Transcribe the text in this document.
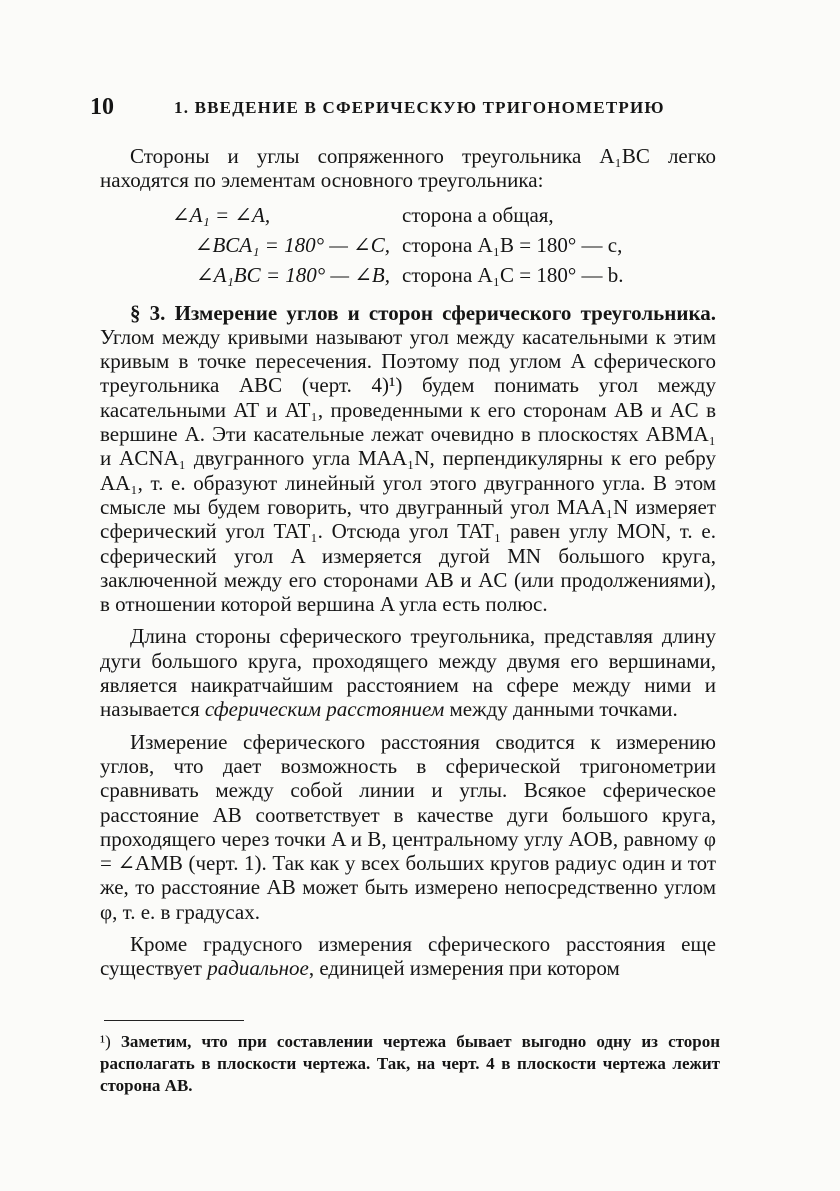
10	1. ВВЕДЕНИЕ В СФЕРИЧЕСКУЮ ТРИГОНОМЕТРИЮ

Стороны и углы сопряженного треугольника A₁BC легко находятся по элементам основного треугольника:

∠A₁ = ∠A,	сторона a общая,
∠BCA₁ = 180° — ∠C, сторона A₁B = 180° — c,
∠A₁BC = 180° — ∠B, сторона A₁C = 180° — b.

§ 3. Измерение углов и сторон сферического треугольника. Углом между кривыми называют угол между касательными к этим кривым в точке пересечения. Поэтому под углом A сферического треугольника ABC (черт. 4)¹) будем понимать угол между касательными AT и AT₁, проведенными к его сторонам AB и AC в вершине A. Эти касательные лежат очевидно в плоскостях ABMA₁ и ACNA₁ двугранного угла MAA₁N, перпендикулярны к его ребру AA₁, т. е. образуют линейный угол этого двугранного угла. В этом смысле мы будем говорить, что двугранный угол MAA₁N измеряет сферический угол TAT₁. Отсюда угол TAT₁ равен углу MON, т. е. сферический угол A измеряется дугой MN большого круга, заключенной между его сторонами AB и AC (или продолжениями), в отношении которой вершина A угла есть полюс.

Длина стороны сферического треугольника, представляя длину дуги большого круга, проходящего между двумя его вершинами, является наикратчайшим расстоянием на сфере между ними и называется сферическим расстоянием между данными точками.

Измерение сферического расстояния сводится к измерению углов, что дает возможность в сферической тригонометрии сравнивать между собой линии и углы. Всякое сферическое расстояние AB соответствует в качестве дуги большого круга, проходящего через точки A и B, центральному углу AOB, равному φ = ∠AMB (черт. 1). Так как у всех больших кругов радиус один и тот же, то расстояние AB может быть измерено непосредственно углом φ, т. е. в градусах.

Кроме градусного измерения сферического расстояния еще существует радиальное, единицей измерения при котором

¹) Заметим, что при составлении чертежа бывает выгодно одну из сторон располагать в плоскости чертежа. Так, на черт. 4 в плоскости чертежа лежит сторона AB.
